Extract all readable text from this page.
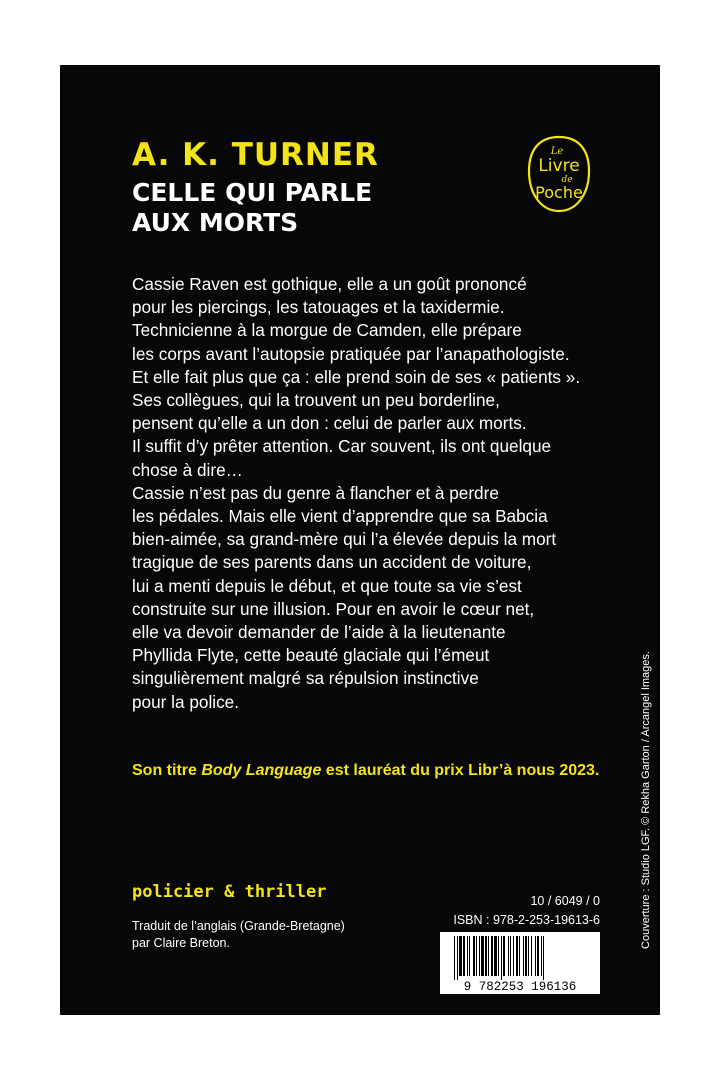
A. K. TURNER
CELLE QUI PARLE
AUX MORTS
Le
Livre
de
Poche

Cassie Raven est gothique, elle a un goût prononcé
pour les piercings, les tatouages et la taxidermie.
Technicienne à la morgue de Camden, elle prépare
les corps avant l’autopsie pratiquée par l’anapathologiste.
Et elle fait plus que ça : elle prend soin de ses « patients ».
Ses collègues, qui la trouvent un peu borderline,
pensent qu’elle a un don : celui de parler aux morts.
Il suffit d’y prêter attention. Car souvent, ils ont quelque
chose à dire…
Cassie n’est pas du genre à flancher et à perdre
les pédales. Mais elle vient d’apprendre que sa Babcia
bien-aimée, sa grand-mère qui l’a élevée depuis la mort
tragique de ses parents dans un accident de voiture,
lui a menti depuis le début, et que toute sa vie s’est
construite sur une illusion. Pour en avoir le cœur net,
elle va devoir demander de l’aide à la lieutenante
Phyllida Flyte, cette beauté glaciale qui l’émeut
singulièrement malgré sa répulsion instinctive
pour la police.

Son titre Body Language est lauréat du prix Libr’à nous 2023.

policier & thriller

Traduit de l’anglais (Grande-Bretagne)
par Claire Breton.

10 / 6049 / 0
ISBN : 978-2-253-19613-6
9 782253 196136
Couverture : Studio LGF. © Rekha Garton / Arcangel Images.
